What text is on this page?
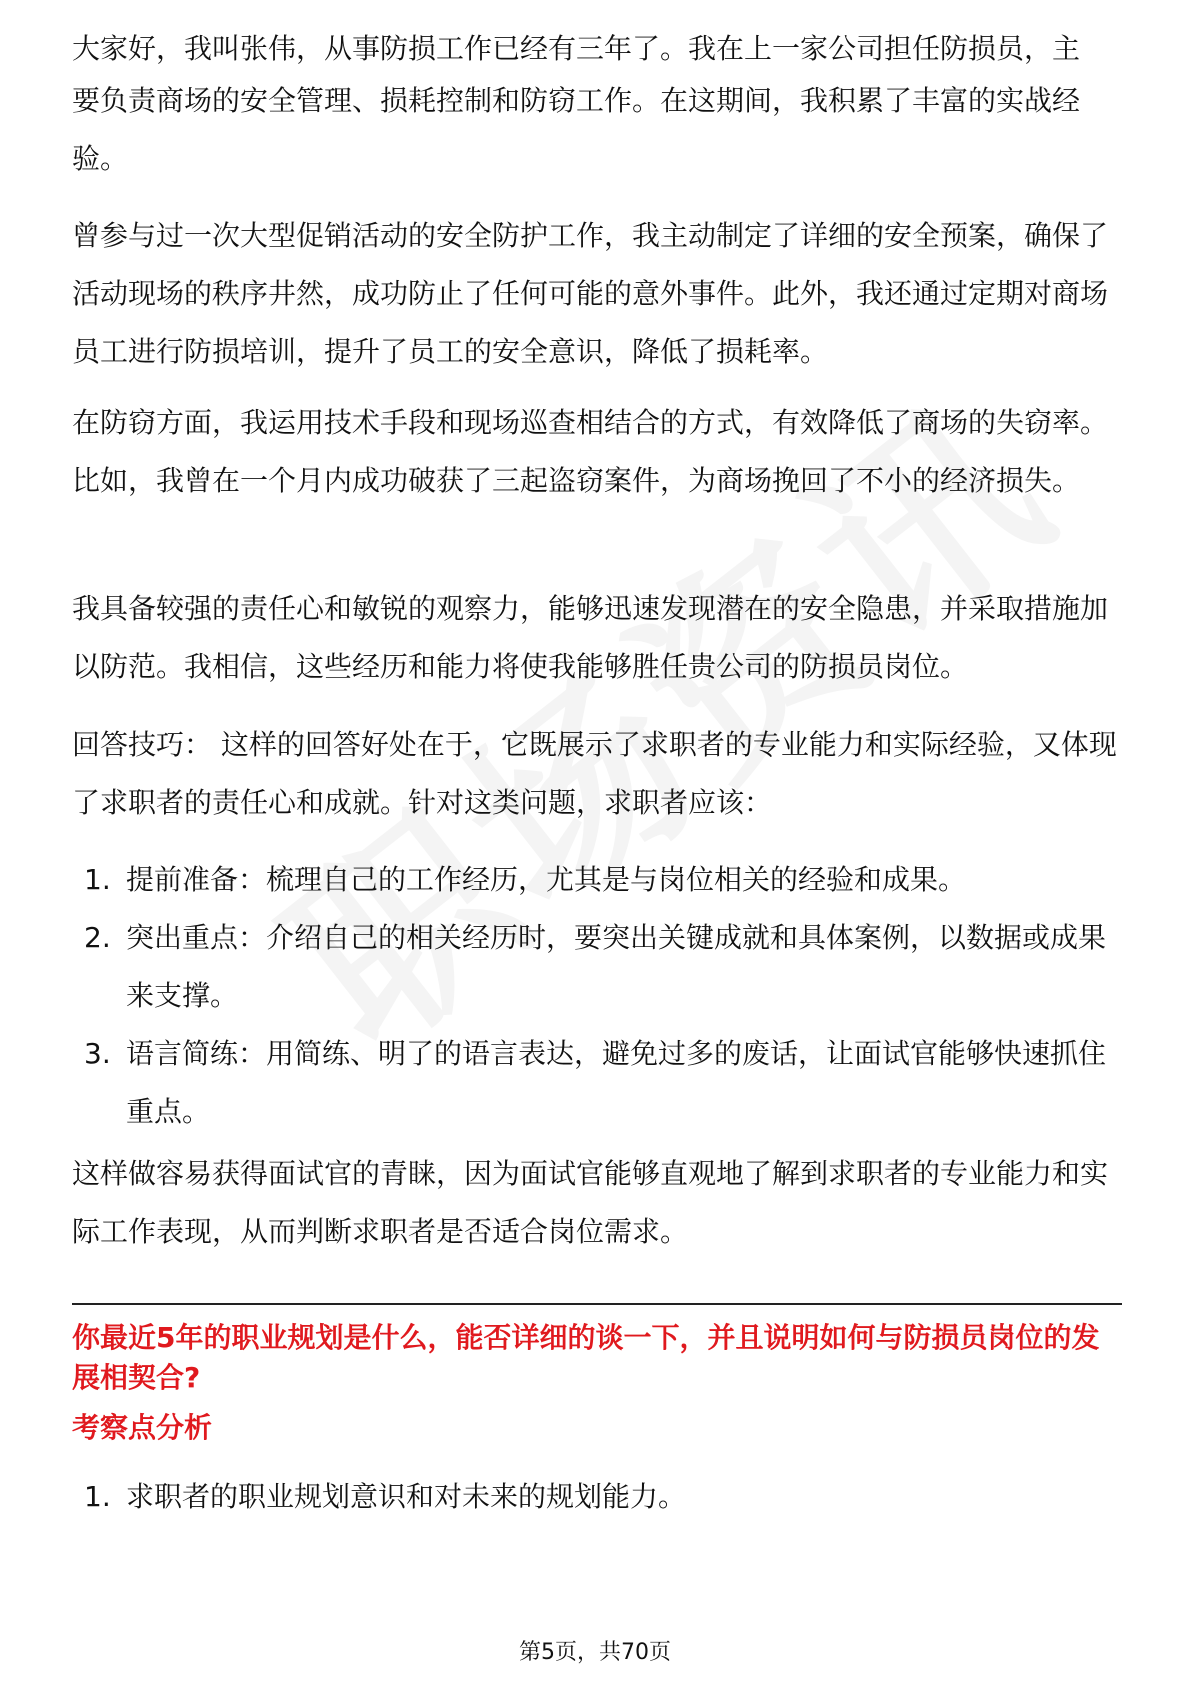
大家好，我叫张伟，从事防损工作已经有三年了。我在上一家公司担任防损员，主

要负责商场的安全管理、损耗控制和防窃工作。在这期间，我积累了丰富的实战经验。

曾参与过一次大型促销活动的安全防护工作，我主动制定了详细的安全预案，确保了活动现场的秩序井然，成功防止了任何可能的意外事件。此外，我还通过定期对商场员工进行防损培训，提升了员工的安全意识，降低了损耗率。

在防窃方面，我运用技术手段和现场巡查相结合的方式，有效降低了商场的失窃率。比如，我曾在一个月内成功破获了三起盗窃案件，为商场挽回了不小的经济损失。

我具备较强的责任心和敏锐的观察力，能够迅速发现潜在的安全隐患，并采取措施加以防范。我相信，这些经历和能力将使我能够胜任贵公司的防损员岗位。

回答技巧： 这样的回答好处在于，它既展示了求职者的专业能力和实际经验，又体现了求职者的责任心和成就。针对这类问题，求职者应该：

1. 提前准备：梳理自己的工作经历，尤其是与岗位相关的经验和成果。
2. 突出重点：介绍自己的相关经历时，要突出关键成就和具体案例，以数据或成果来支撑。
3. 语言简练：用简练、明了的语言表达，避免过多的废话，让面试官能够快速抓住重点。

这样做容易获得面试官的青睐，因为面试官能够直观地了解到求职者的专业能力和实际工作表现，从而判断求职者是否适合岗位需求。

你最近5年的职业规划是什么，能否详细的谈一下，并且说明如何与防损员岗位的发展相契合?
考察点分析
1. 求职者的职业规划意识和对未来的规划能力。
第5页，共70页
